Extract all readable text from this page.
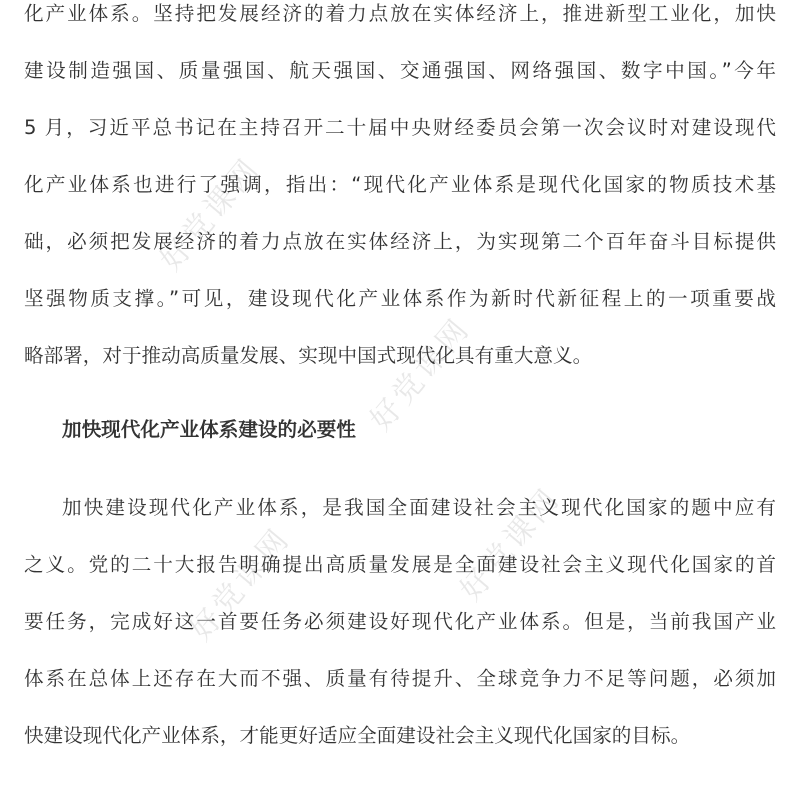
好党课网
好党课网
好党课网
好党课网
化产业体系。坚持把发展经济的着力点放在实体经济上，推进新型工业化，加快
建设制造强国、质量强国、航天强国、交通强国、网络强国、数字中国。”今年
5 月，习近平总书记在主持召开二十届中央财经委员会第一次会议时对建设现代
化产业体系也进行了强调，指出：“现代化产业体系是现代化国家的物质技术基
础，必须把发展经济的着力点放在实体经济上，为实现第二个百年奋斗目标提供
坚强物质支撑。”可见，建设现代化产业体系作为新时代新征程上的一项重要战
略部署，对于推动高质量发展、实现中国式现代化具有重大意义。
加快现代化产业体系建设的必要性
加快建设现代化产业体系，是我国全面建设社会主义现代化国家的题中应有
之义。党的二十大报告明确提出高质量发展是全面建设社会主义现代化国家的首
要任务，完成好这一首要任务必须建设好现代化产业体系。但是，当前我国产业
体系在总体上还存在大而不强、质量有待提升、全球竞争力不足等问题，必须加
快建设现代化产业体系，才能更好适应全面建设社会主义现代化国家的目标。
